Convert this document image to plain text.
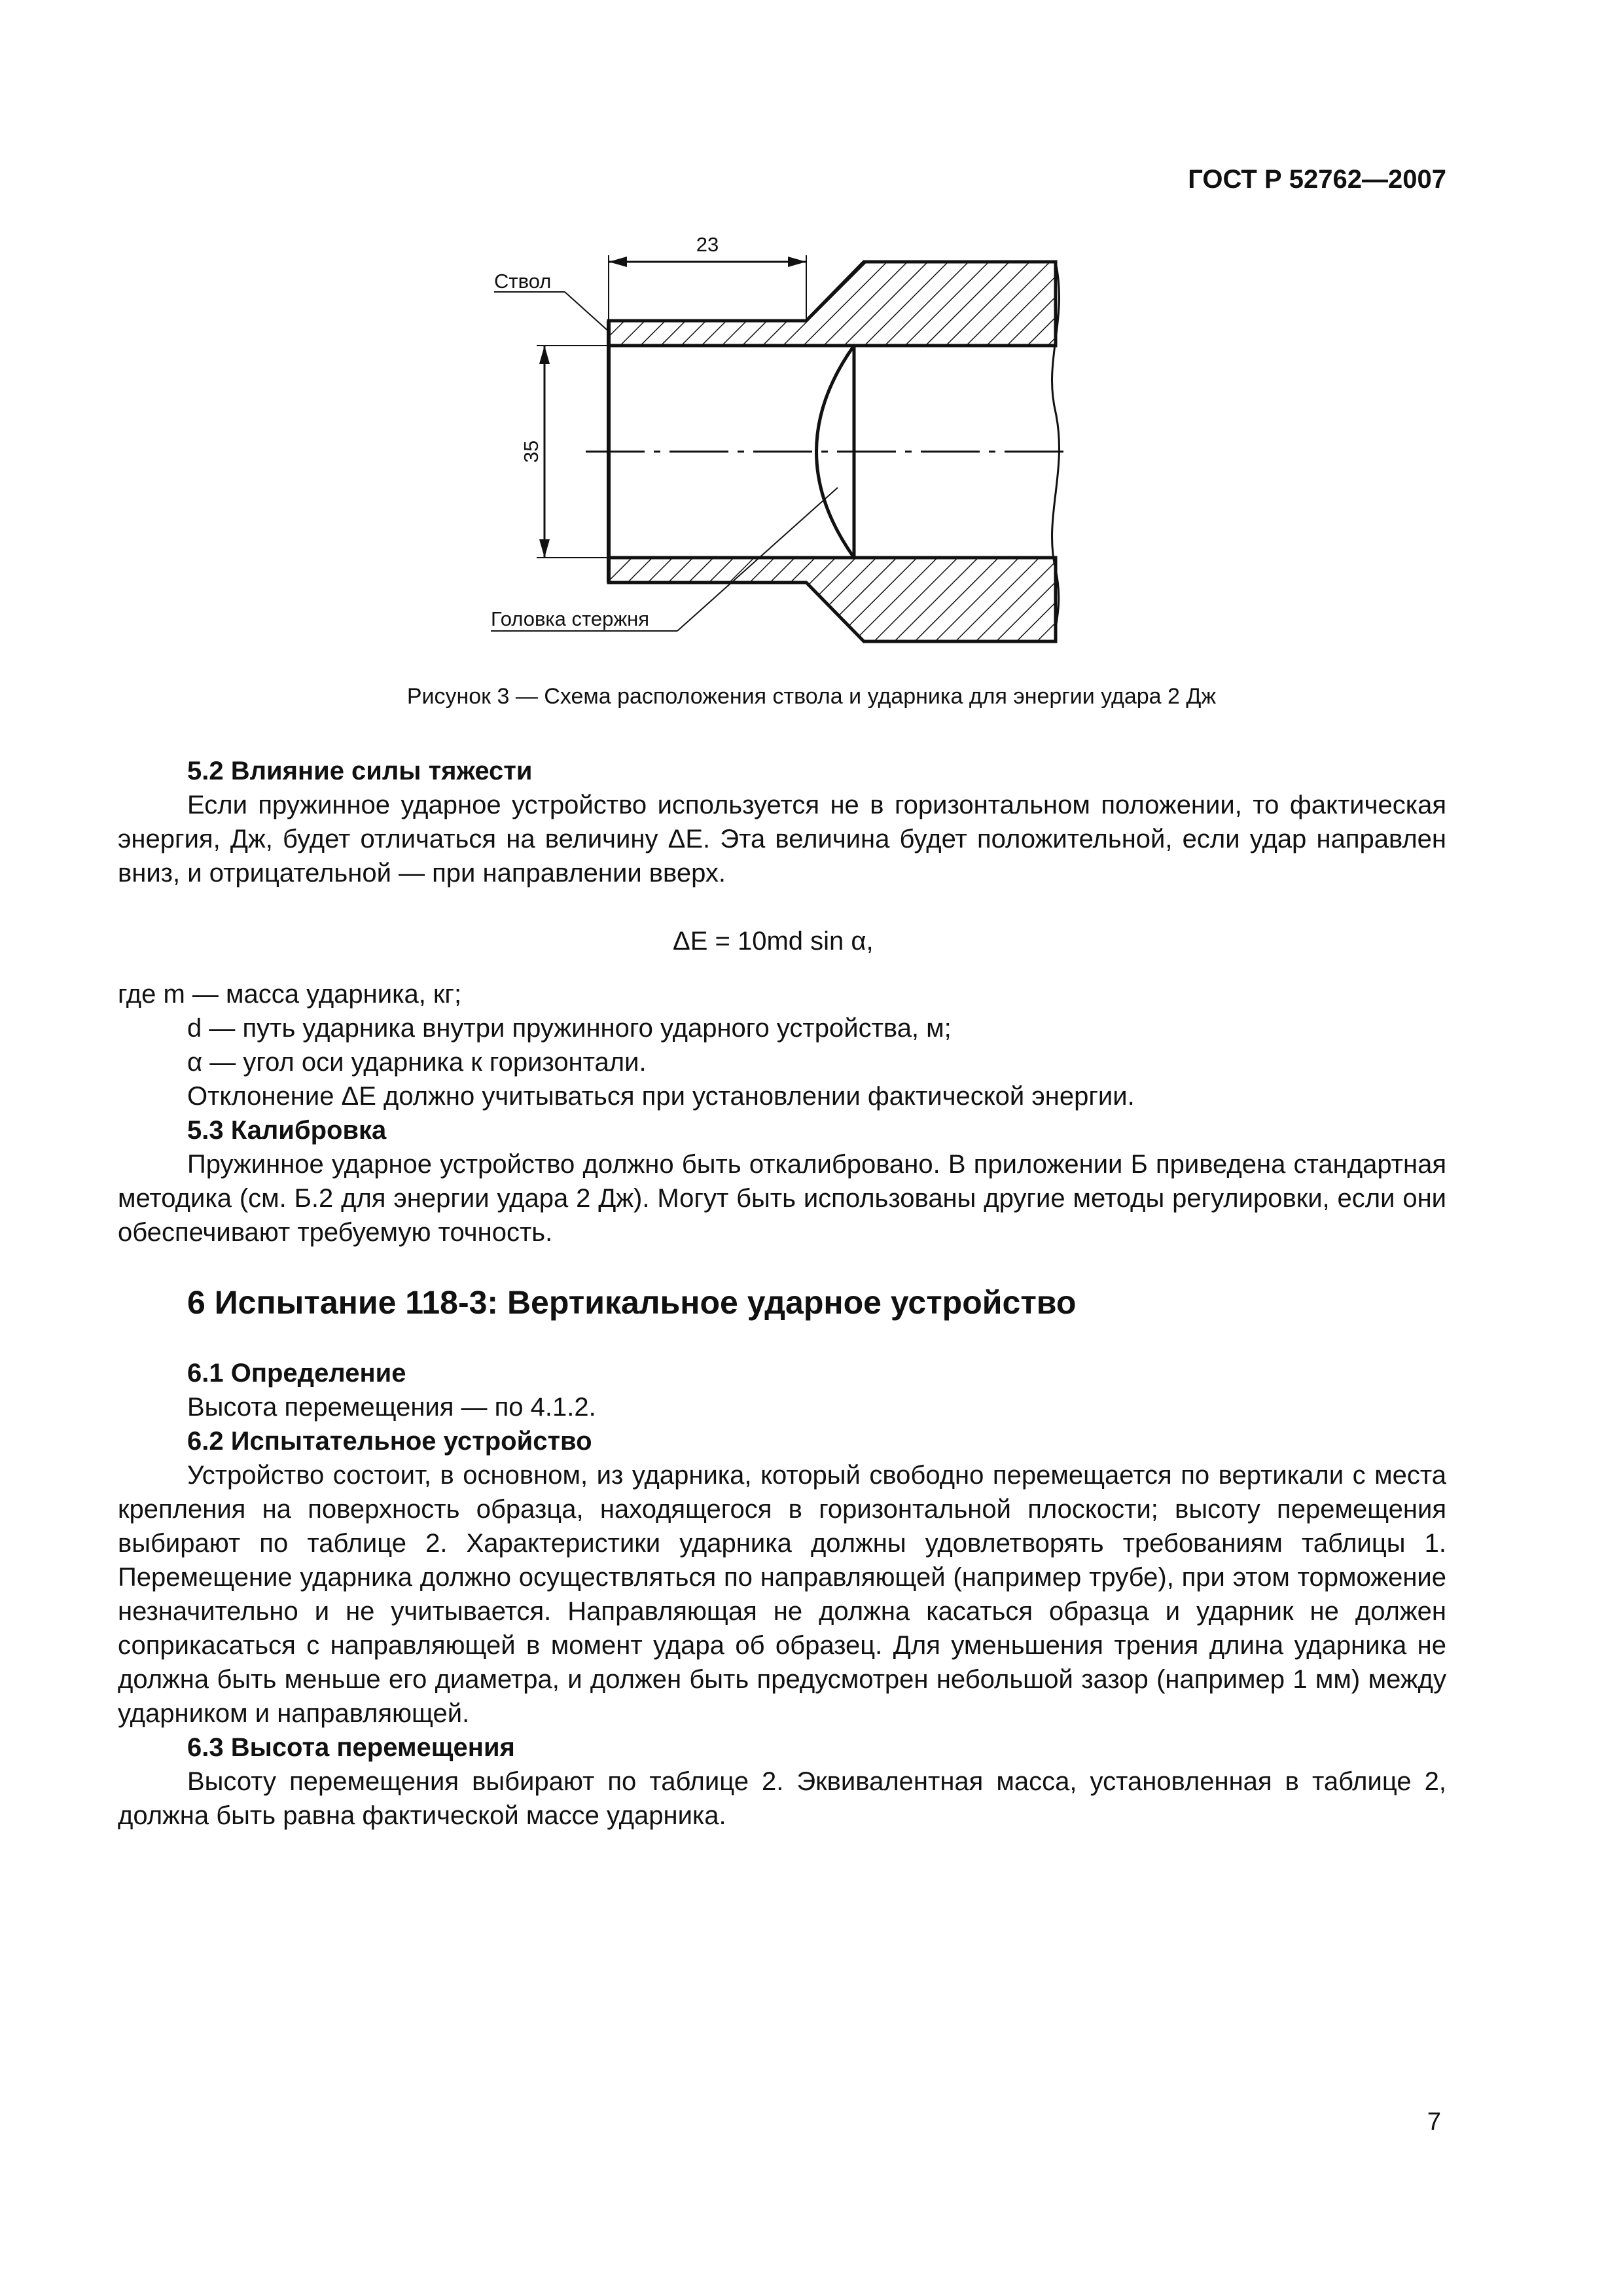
ГОСТ Р 52762—2007
23
35
Ствол
Головка стержня
Рисунок 3 — Схема расположения ствола и ударника для энергии удара 2 Дж

5.2 Влияние силы тяжести

Если пружинное ударное устройство используется не в горизонтальном положении, то фактическая энергия, Дж, будет отличаться на величину ΔE. Эта величина будет положительной, если удар направлен вниз, и отрицательной — при направлении вверх.

ΔE = 10md sin α,

где m — масса ударника, кг;

d — путь ударника внутри пружинного ударного устройства, м;

α — угол оси ударника к горизонтали.

Отклонение ΔE должно учитываться при установлении фактической энергии.

5.3 Калибровка

Пружинное ударное устройство должно быть откалибровано. В приложении Б приведена стандартная методика (см. Б.2 для энергии удара 2 Дж). Могут быть использованы другие методы регулировки, если они обеспечивают требуемую точность.

6 Испытание 118-3: Вертикальное ударное устройство

6.1 Определение

Высота перемещения — по 4.1.2.

6.2 Испытательное устройство

Устройство состоит, в основном, из ударника, который свободно перемещается по вертикали с места крепления на поверхность образца, находящегося в горизонтальной плоскости; высоту перемещения выбирают по таблице 2. Характеристики ударника должны удовлетворять требованиям таблицы 1. Перемещение ударника должно осуществляться по направляющей (например трубе), при этом торможение незначительно и не учитывается. Направляющая не должна касаться образца и ударник не должен соприкасаться с направляющей в момент удара об образец. Для уменьшения трения длина ударника не должна быть меньше его диаметра, и должен быть предусмотрен небольшой зазор (например 1 мм) между ударником и направляющей.

6.3 Высота перемещения

Высоту перемещения выбирают по таблице 2. Эквивалентная масса, установленная в таблице 2, должна быть равна фактической массе ударника.

7
